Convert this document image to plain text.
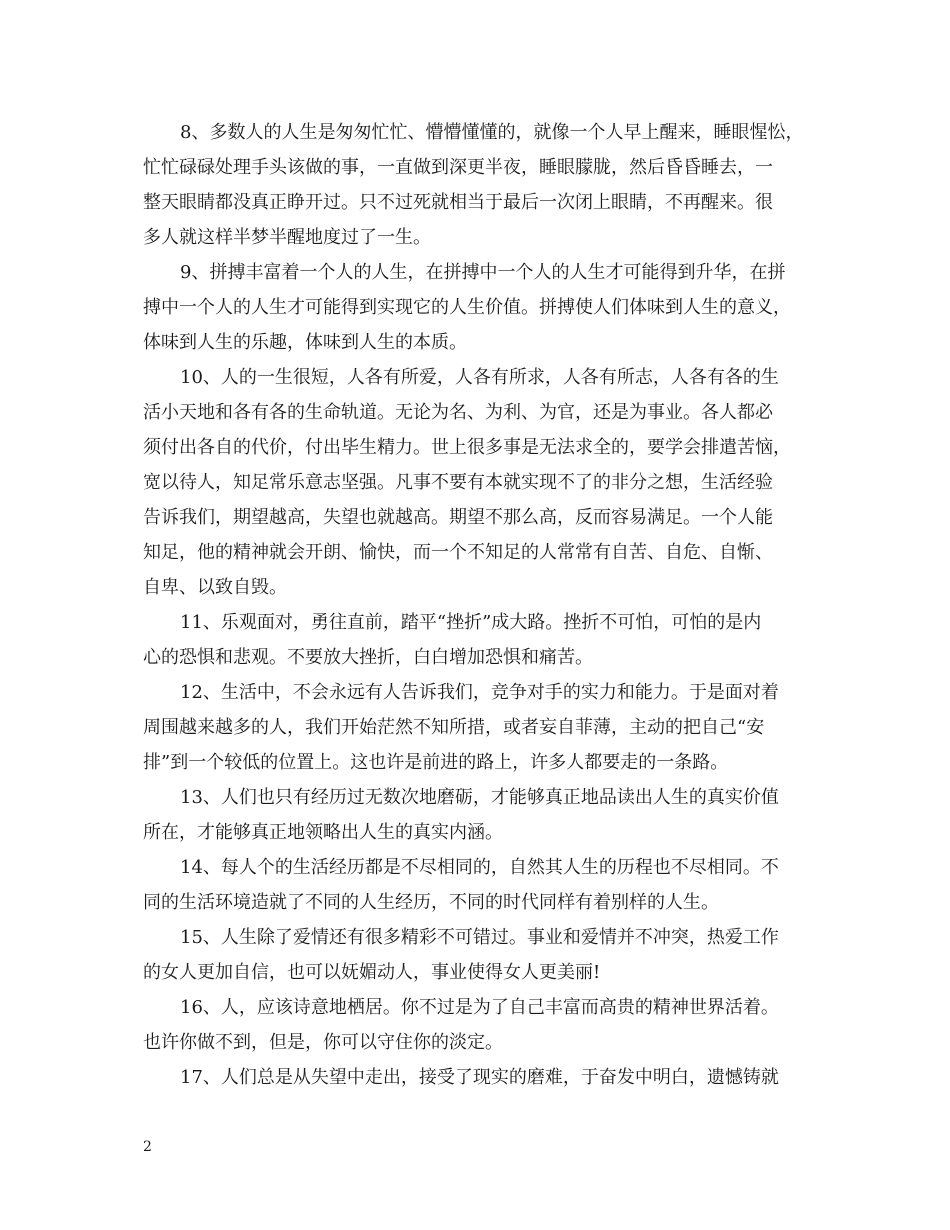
8、多数人的人生是匆匆忙忙、懵懵懂懂的，就像一个人早上醒来，睡眼惺忪，
忙忙碌碌处理手头该做的事，一直做到深更半夜，睡眼朦胧，然后昏昏睡去，一
整天眼睛都没真正睁开过。只不过死就相当于最后一次闭上眼睛，不再醒来。很
多人就这样半梦半醒地度过了一生。
9、拼搏丰富着一个人的人生，在拼搏中一个人的人生才可能得到升华，在拼
搏中一个人的人生才可能得到实现它的人生价值。拼搏使人们体味到人生的意义，
体味到人生的乐趣，体味到人生的本质。
10、人的一生很短，人各有所爱，人各有所求，人各有所志，人各有各的生
活小天地和各有各的生命轨道。无论为名、为利、为官，还是为事业。各人都必
须付出各自的代价，付出毕生精力。世上很多事是无法求全的，要学会排遣苦恼，
宽以待人，知足常乐意志坚强。凡事不要有本就实现不了的非分之想，生活经验
告诉我们，期望越高，失望也就越高。期望不那么高，反而容易满足。一个人能
知足，他的精神就会开朗、愉快，而一个不知足的人常常有自苦、自危、自惭、
自卑、以致自毁。
11、乐观面对，勇往直前，踏平“挫折”成大路。挫折不可怕，可怕的是内
心的恐惧和悲观。不要放大挫折，白白增加恐惧和痛苦。
12、生活中，不会永远有人告诉我们，竞争对手的实力和能力。于是面对着
周围越来越多的人，我们开始茫然不知所措，或者妄自菲薄，主动的把自己“安
排”到一个较低的位置上。这也许是前进的路上，许多人都要走的一条路。
13、人们也只有经历过无数次地磨砺，才能够真正地品读出人生的真实价值
所在，才能够真正地领略出人生的真实内涵。
14、每人个的生活经历都是不尽相同的，自然其人生的历程也不尽相同。不
同的生活环境造就了不同的人生经历，不同的时代同样有着别样的人生。
15、人生除了爱情还有很多精彩不可错过。事业和爱情并不冲突，热爱工作
的女人更加自信，也可以妩媚动人，事业使得女人更美丽!
16、人，应该诗意地栖居。你不过是为了自己丰富而高贵的精神世界活着。
也许你做不到，但是，你可以守住你的淡定。
17、人们总是从失望中走出，接受了现实的磨难，于奋发中明白，遗憾铸就
2
